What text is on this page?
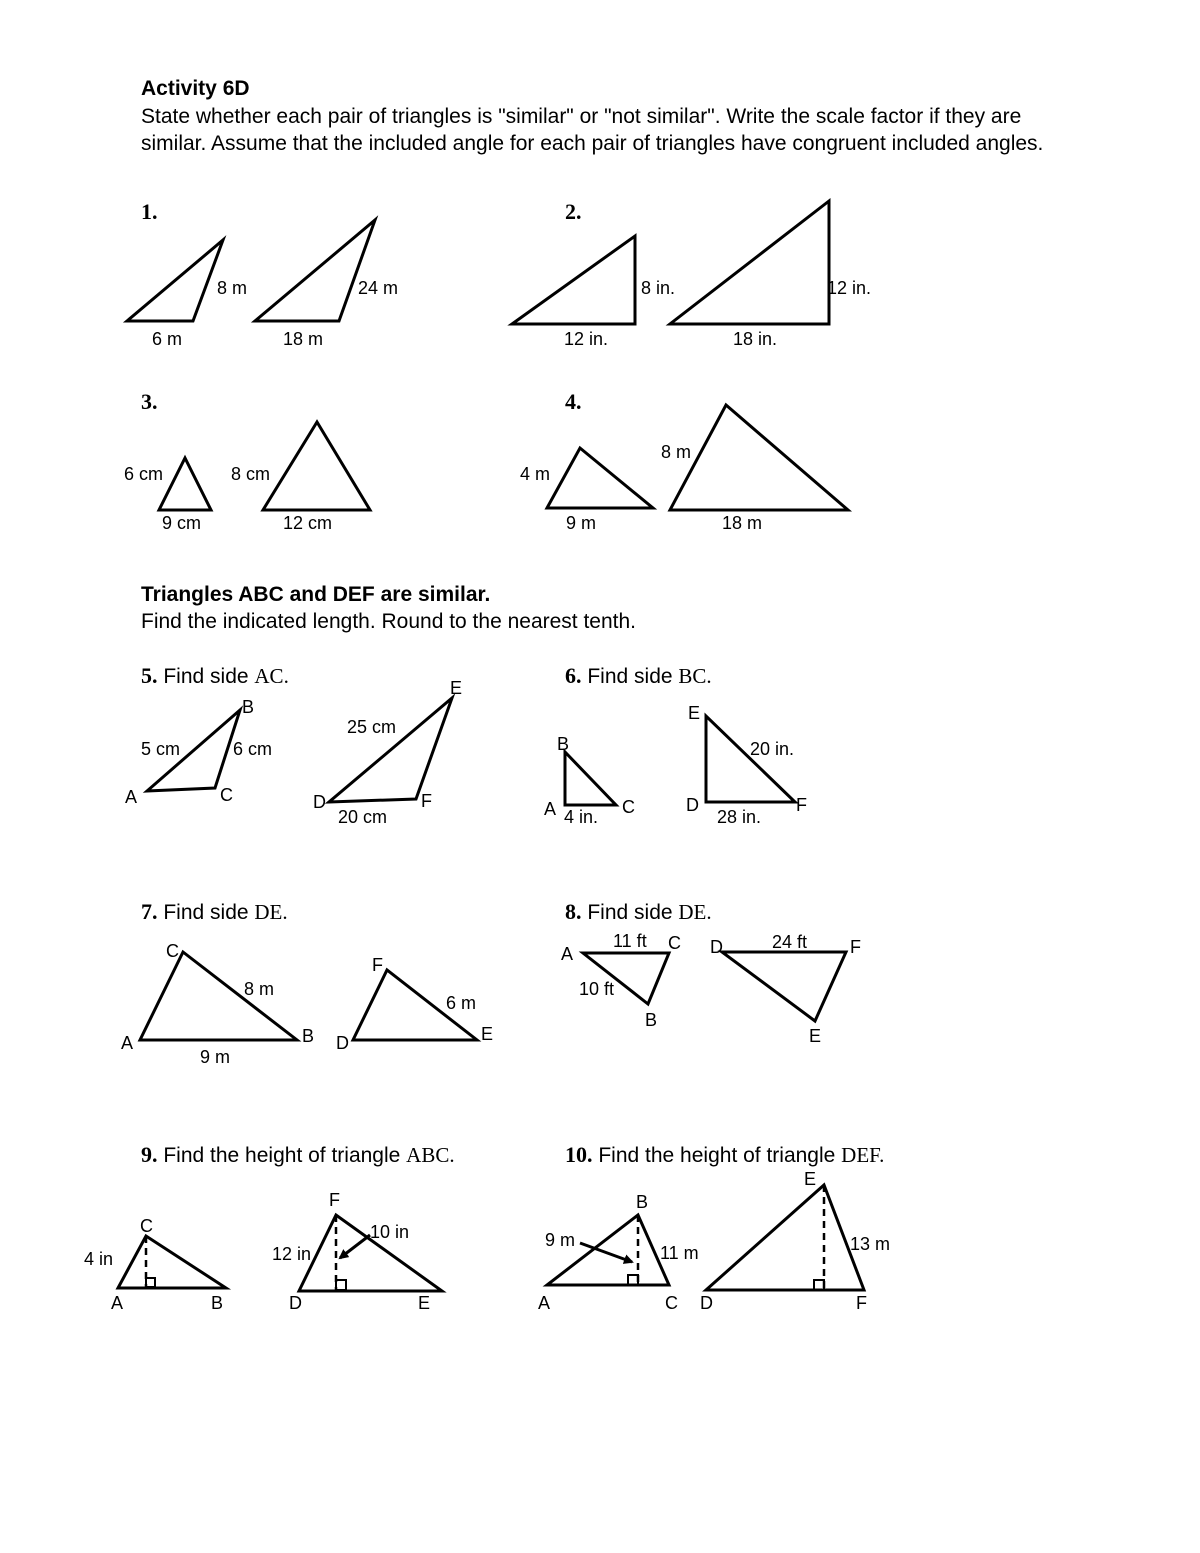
Activity 6D
State whether each pair of triangles is "similar" or "not similar". Write the scale factor if they are similar. Assume that the included angle for each pair of triangles have congruent included angles.
1.	2.
3.	4.
Triangles ABC and DEF are similar.
Find the indicated length. Round to the nearest tenth.
5. Find side AC.	6. Find side BC.
7. Find side DE.	8. Find side DE.
9. Find the height of triangle ABC.	10. Find the height of triangle DEF.
8 m
6 m
24 m
18 m
8 in.
12 in.
12 in.
18 in.
6 cm
9 cm
8 cm
12 cm
4 m
9 m
8 m
18 m
A
B
C	D
E
F
5 cm	6 cm
25 cm
20 cm	A
B
C	D
E
F
4 in.
20 in.
28 in.
A	B
C
D	E
F
8 m
9 m
6 m
A
B
C D
E
F
11 ft
10 ft
24 ft
A	B
C
D	E
F
4 in	12 in
10 in
A
B
C D
E
F
9 m
11 m	13 m
